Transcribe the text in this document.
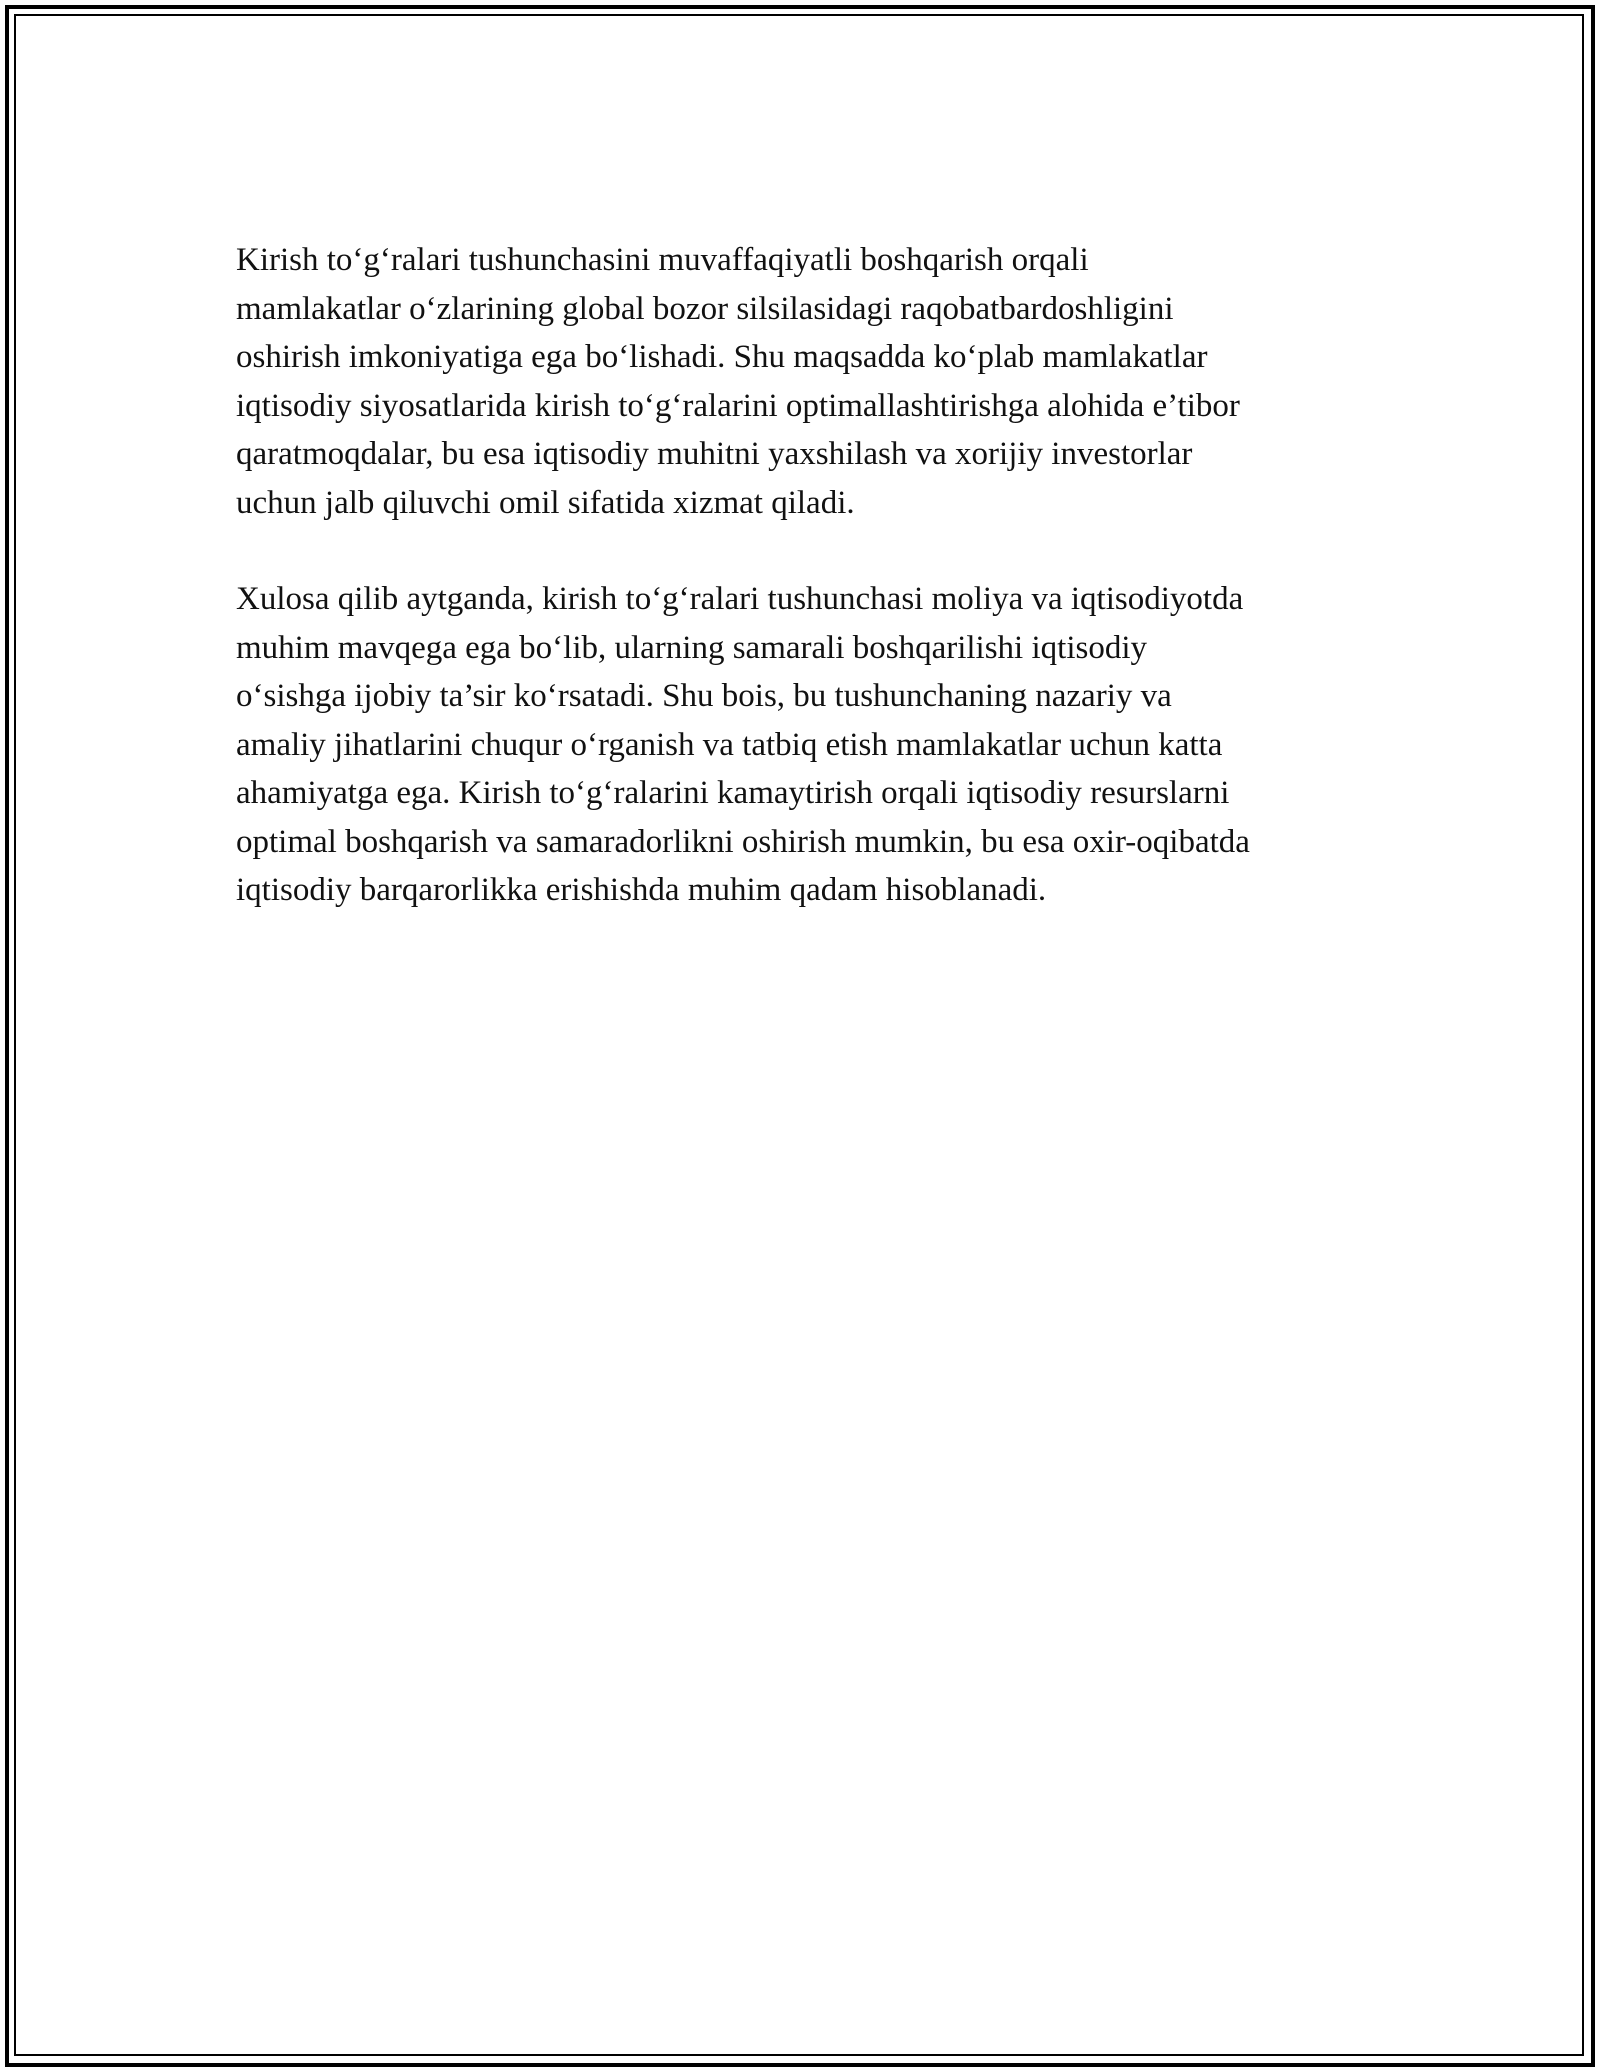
Kirish to‘g‘ralari tushunchasini muvaffaqiyatli boshqarish orqali
mamlakatlar o‘zlarining global bozor silsilasidagi raqobatbardoshligini
oshirish imkoniyatiga ega bo‘lishadi. Shu maqsadda ko‘plab mamlakatlar
iqtisodiy siyosatlarida kirish to‘g‘ralarini optimallashtirishga alohida e’tibor
qaratmoqdalar, bu esa iqtisodiy muhitni yaxshilash va xorijiy investorlar
uchun jalb qiluvchi omil sifatida xizmat qiladi.

Xulosa qilib aytganda, kirish to‘g‘ralari tushunchasi moliya va iqtisodiyotda
muhim mavqega ega bo‘lib, ularning samarali boshqarilishi iqtisodiy
o‘sishga ijobiy ta’sir ko‘rsatadi. Shu bois, bu tushunchaning nazariy va
amaliy jihatlarini chuqur o‘rganish va tatbiq etish mamlakatlar uchun katta
ahamiyatga ega. Kirish to‘g‘ralarini kamaytirish orqali iqtisodiy resurslarni
optimal boshqarish va samaradorlikni oshirish mumkin, bu esa oxir-oqibatda
iqtisodiy barqarorlikka erishishda muhim qadam hisoblanadi.
